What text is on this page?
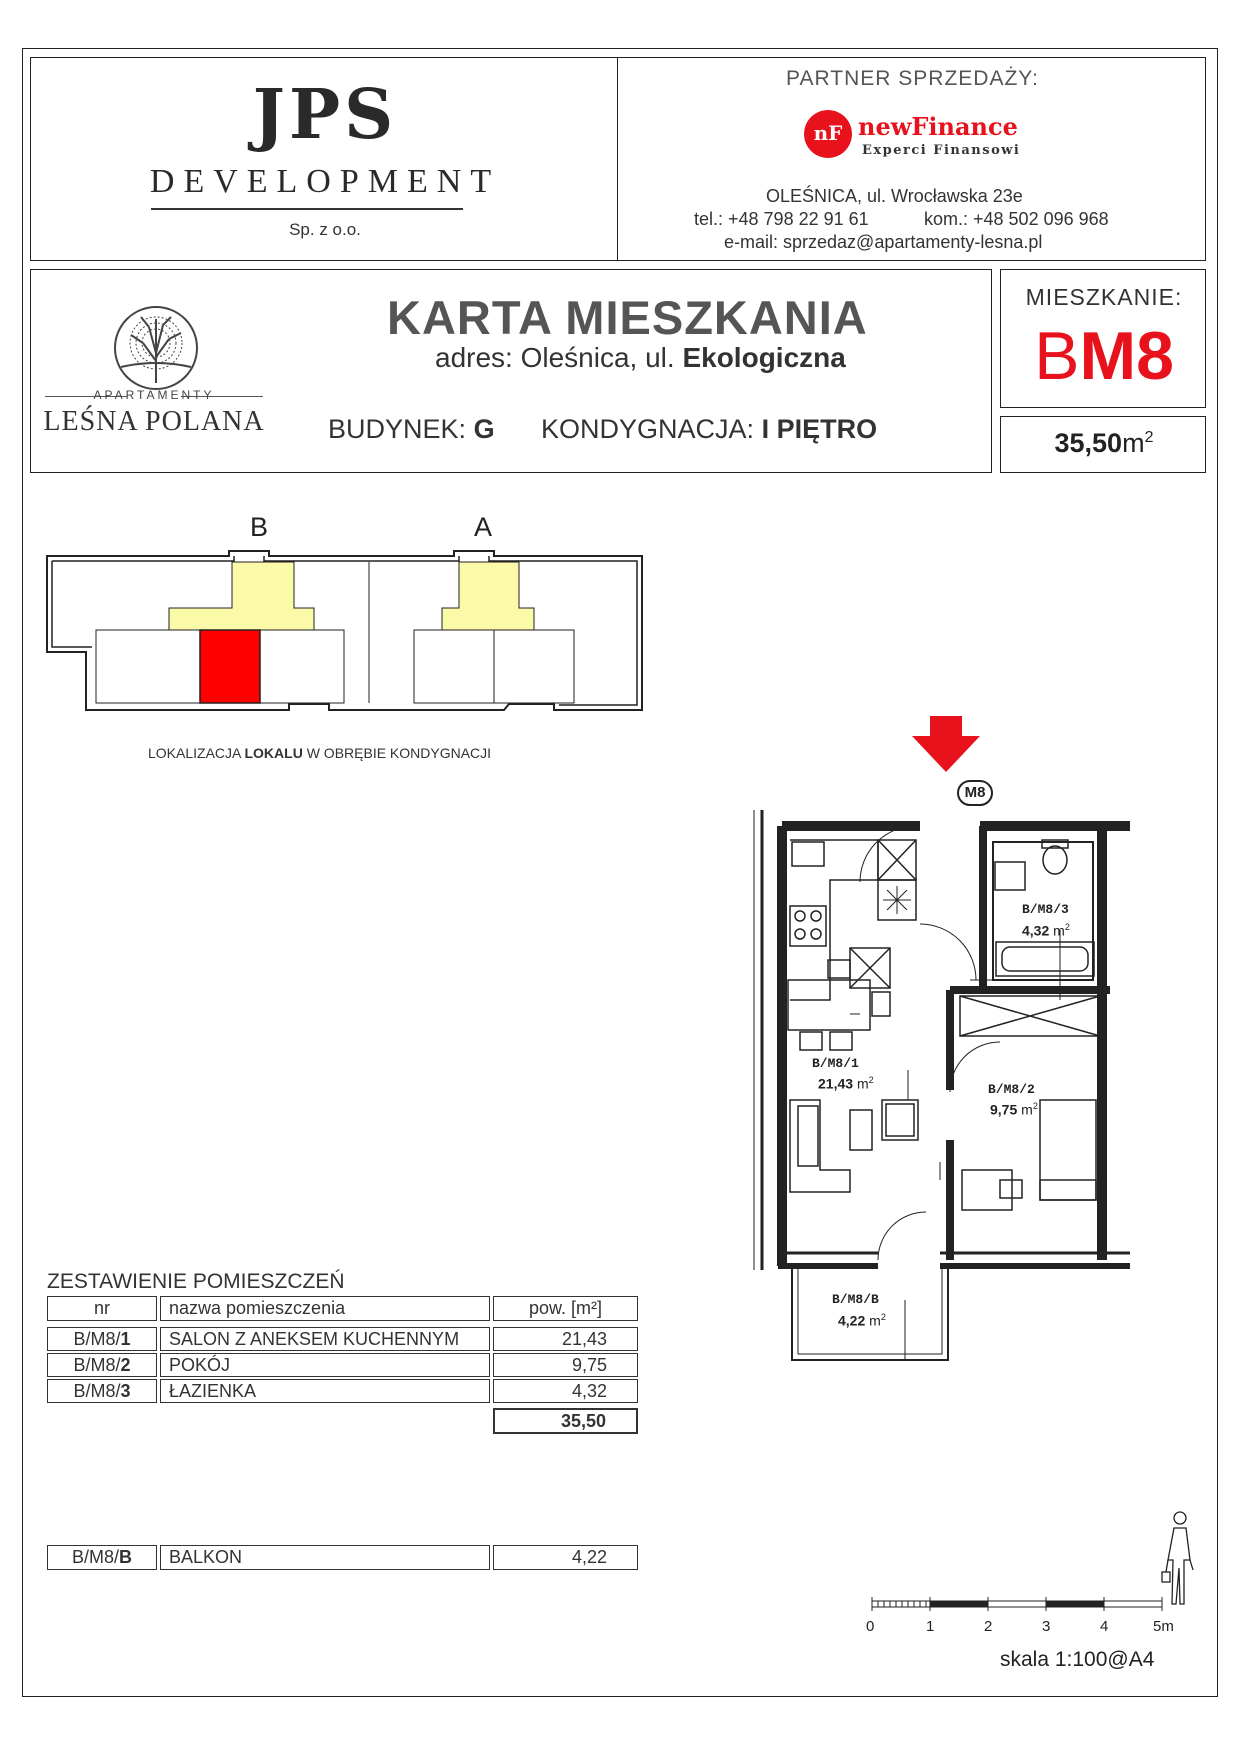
JPS
DEVELOPMENT
Sp. z o.o.
PARTNER SPRZEDAŻY:
nF newFinance
Experci Finansowi
OLEŚNICA, ul. Wrocławska 23e
tel.: +48 798 22 91 61	kom.: +48 502 096 968
e-mail: sprzedaz@apartamenty-lesna.pl
APARTAMENTY
LEŚNA POLANA
KARTA MIESZKANIA
adres: Oleśnica, ul. Ekologiczna
BUDYNEK: G KONDYGNACJA: I PIĘTRO
MIESZKANIE:
BM8
$35,50m^2$
B	A
LOKALIZACJA LOKALU W OBRĘBIE KONDYGNACJI
M8
B/M8/3
4,32 $m^2$
B/M8/1
21,43 $m^2$
B/M8/2
9,75 $m^2$
B/M8/B
4,22 $m^2$
ZESTAWIENIE POMIESZCZEŃ
nr	nazwa pomieszczenia	pow. [m²]
B/M8/1	SALON Z ANEKSEM KUCHENNYM	21,43
B/M8/2	POKÓJ	9,75
B/M8/3	ŁAZIENKA	4,32
35,50
B/M8/B	BALKON	4,22
0	1	2	3	4	5m
skala 1:100@A4
